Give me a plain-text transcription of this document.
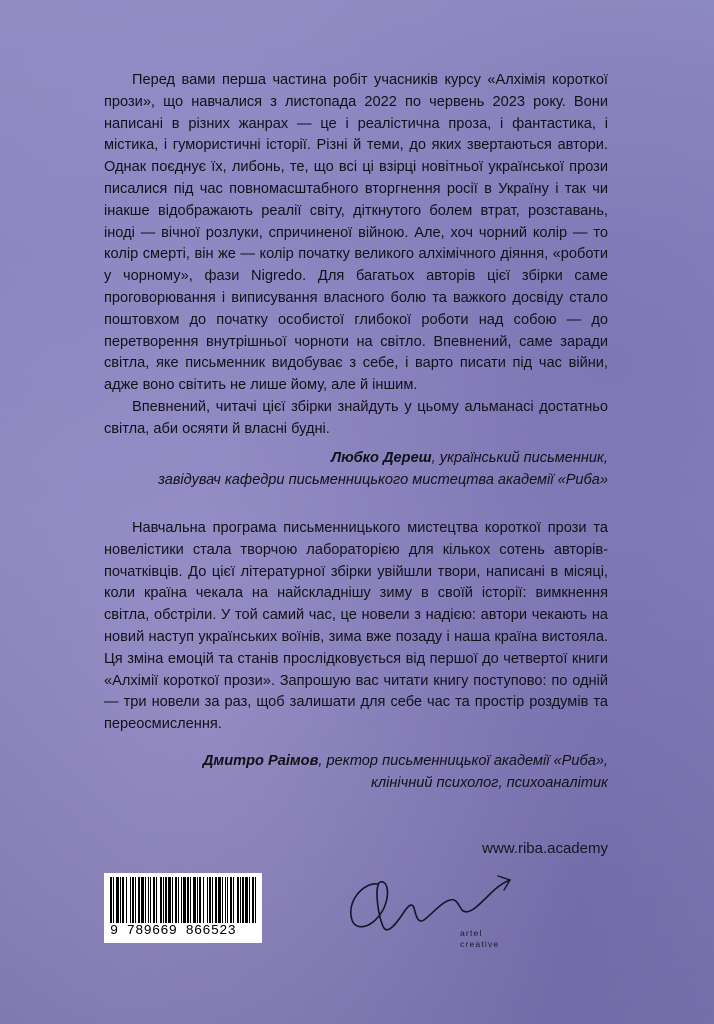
Перед вами перша частина робіт учасників курсу «Алхімія короткої прози», що навчалися з листопада 2022 по червень 2023 року. Вони написані в різних жанрах — це і реалістична проза, і фантастика, і містика, і гумористичні історії. Різні й теми, до яких звертаються автори. Однак поєднує їх, либонь, те, що всі ці взірці новітньої української прози писалися під час повномасштабного вторгнення росії в Україну і так чи інакше відображають реалії світу, діткнутого болем втрат, розставань, іноді — вічної розлуки, спричиненої війною. Але, хоч чорний колір — то колір смерті, він же — колір початку великого алхімічного діяння, «роботи у чорному», фази Nigredo. Для багатьох авторів цієї збірки саме проговорювання і виписування власного болю та важкого досвіду стало поштовхом до початку особистої глибокої роботи над собою — до перетворення внутрішньої чорноти на світло. Впевнений, саме заради світла, яке письменник видобуває з себе, і варто писати під час війни, адже воно світить не лише йому, але й іншим.

Впевнений, читачі цієї збірки знайдуть у цьому альманасі достатньо світла, аби осяяти й власні будні.

Любко Дереш, український письменник,
завідувач кафедри письменницького мистецтва академії «Риба»

Навчальна програма письменницького мистецтва короткої прози та новелістики стала творчою лабораторією для кількох сотень авторів-початківців. До цієї літературної збірки увійшли твори, написані в місяці, коли країна чекала на найскладнішу зиму в своїй історії: вимкнення світла, обстріли. У той самий час, це новели з надією: автори чекають на новий наступ українських воїнів, зима вже позаду і наша країна вистояла. Ця зміна емоцій та станів прослідковується від першої до четвертої книги «Алхімії короткої прози». Запрошую вас читати книгу поступово: по одній — три новели за раз, щоб залишати для себе час та простір роздумів та переосмислення.

Дмитро Раімов, ректор письменницької академії «Риба»,
клінічний психолог, психоаналітик
www.riba.academy
9 789669 866523	artel
creative
